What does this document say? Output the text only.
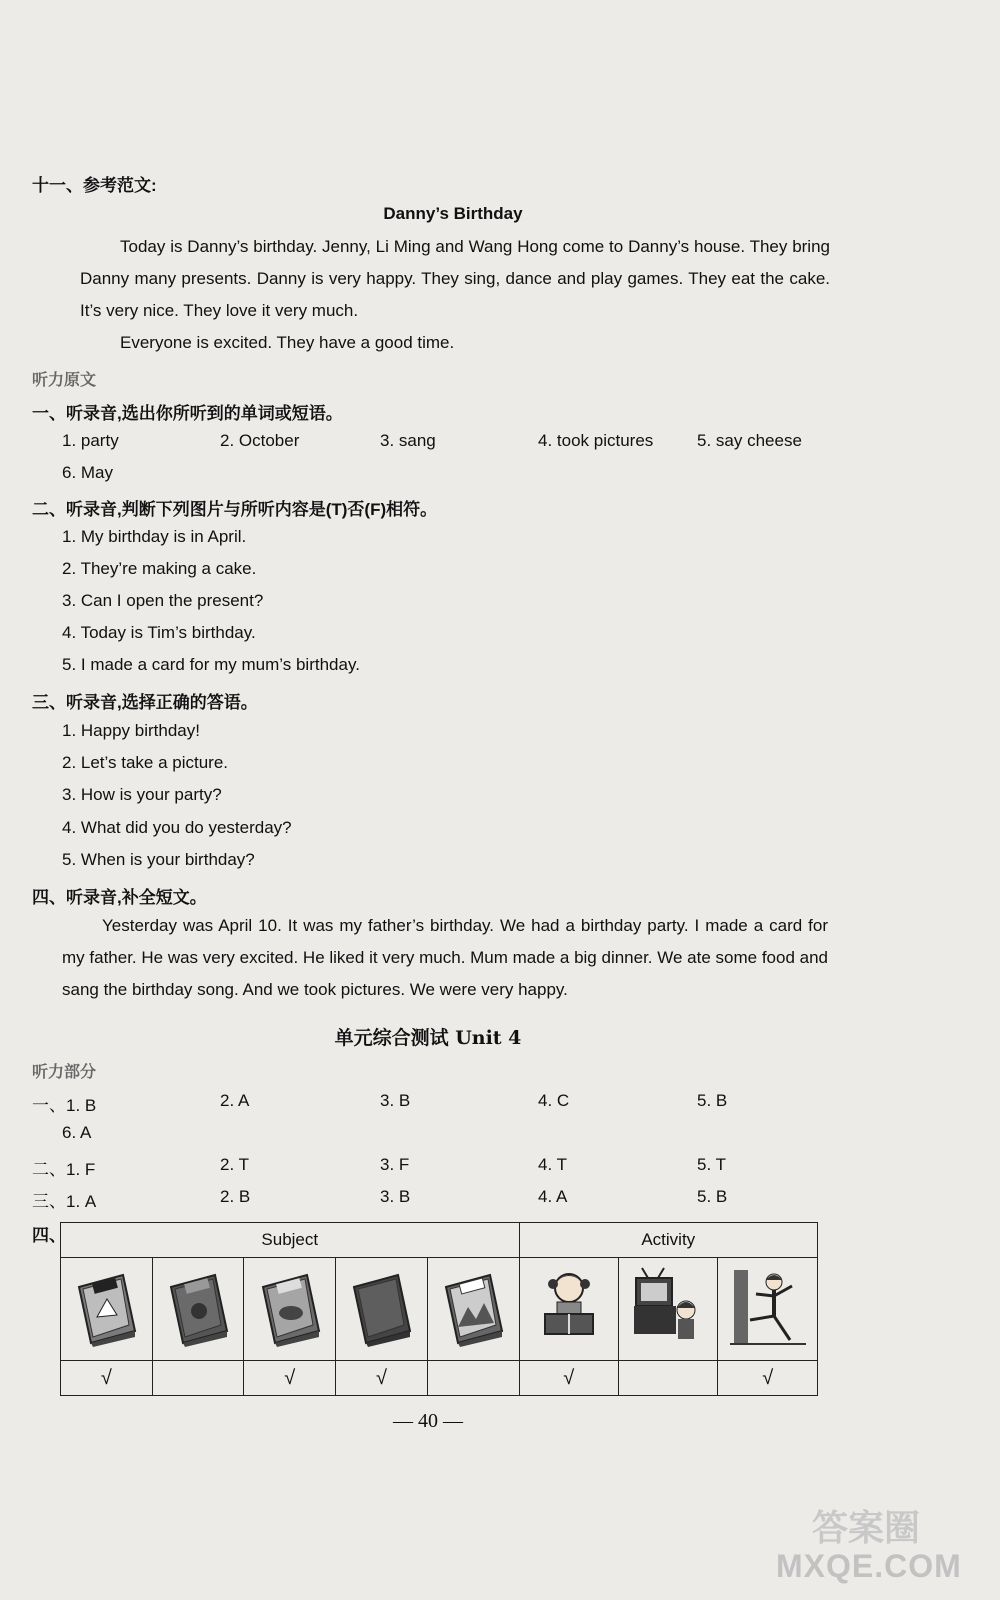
十一、参考范文:
Danny’s Birthday
Today is Danny’s birthday. Jenny, Li Ming and Wang Hong come to Danny’s house. They bring Danny many presents. Danny is very happy. They sing, dance and play games. They eat the cake. It’s very nice. They love it very much.
Everyone is excited. They have a good time.
听力原文
一、听录音,选出你所听到的单词或短语。
1. party	2. October	3. sang	4. took pictures	5. say cheese
6. May
二、听录音,判断下列图片与所听内容是(T)否(F)相符。
1. My birthday is in April.
2. They’re making a cake.
3. Can I open the present?
4. Today is Tim’s birthday.
5. I made a card for my mum’s birthday.
三、听录音,选择正确的答语。
1. Happy birthday!
2. Let’s take a picture.
3. How is your party?
4. What did you do yesterday?
5. When is your birthday?
四、听录音,补全短文。
Yesterday was April 10. It was my father’s birthday. We had a birthday party. I made a card for my father. He was very excited. He liked it very much. Mum made a big dinner. We ate some food and sang the birthday song. And we took pictures. We were very happy.
单元综合测试 Unit 4
听力部分
一、1. B	2. A	3. B	4. C	5. B
6. A
二、1. F	2. T	3. F	4. T	5. T
三、1. A	2. B	3. B	4. A	5. B
四、	Subject					Activity		

√		√	√		√		√
— 40 —
答案圈
MXQE.COM
